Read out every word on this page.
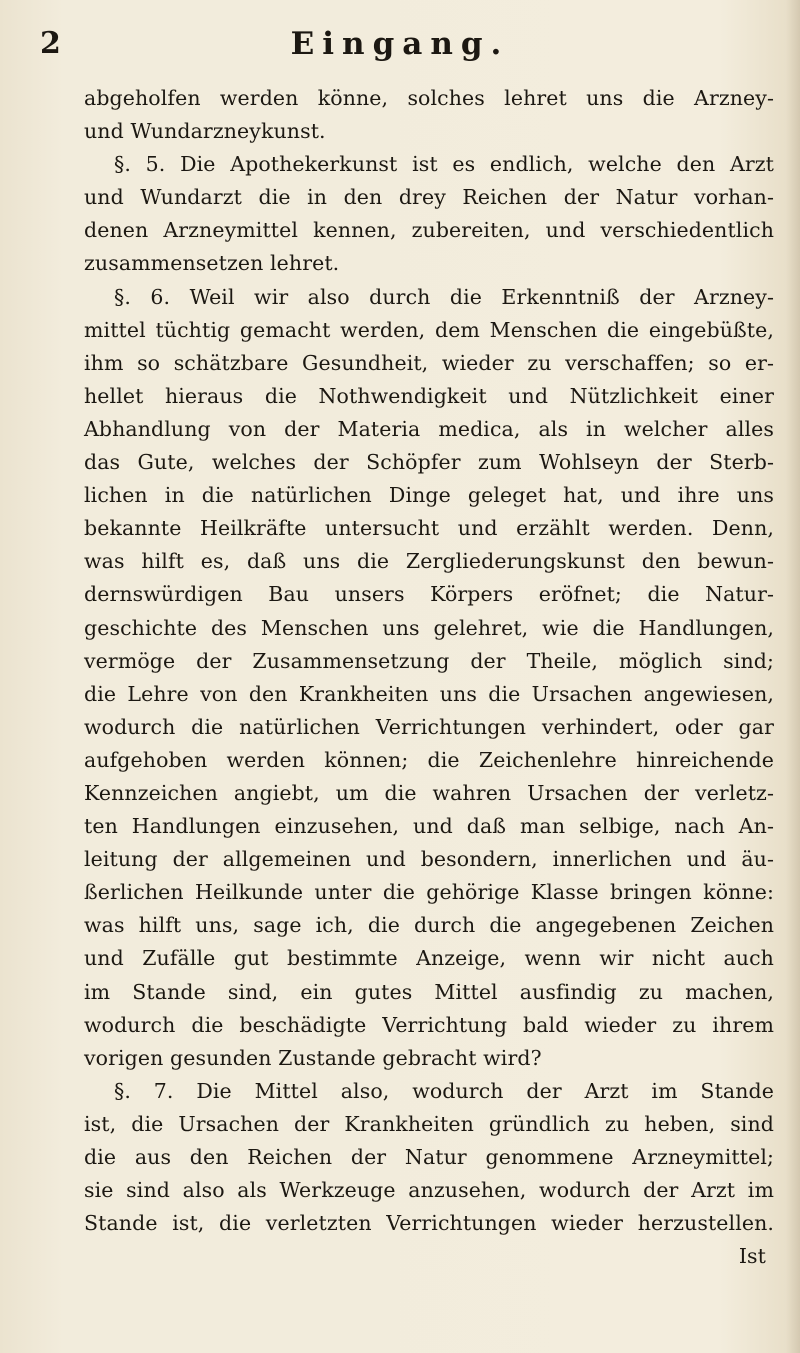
2	Eingang.
abgeholfen werden könne, solches lehret uns die Arzney-
und Wundarzneykunst.
§. 5. Die Apothekerkunst ist es endlich, welche den Arzt
und Wundarzt die in den drey Reichen der Natur vorhan-
denen Arzneymittel kennen, zubereiten, und verschiedentlich
zusammensetzen lehret.
§. 6. Weil wir also durch die Erkenntniß der Arzney-
mittel tüchtig gemacht werden, dem Menschen die eingebüßte,
ihm so schätzbare Gesundheit, wieder zu verschaffen; so er-
hellet hieraus die Nothwendigkeit und Nützlichkeit einer
Abhandlung von der Materia medica, als in welcher alles
das Gute, welches der Schöpfer zum Wohlseyn der Sterb-
lichen in die natürlichen Dinge geleget hat, und ihre uns
bekannte Heilkräfte untersucht und erzählt werden. Denn,
was hilft es, daß uns die Zergliederungskunst den bewun-
dernswürdigen Bau unsers Körpers eröfnet; die Natur-
geschichte des Menschen uns gelehret, wie die Handlungen,
vermöge der Zusammensetzung der Theile, möglich sind;
die Lehre von den Krankheiten uns die Ursachen angewiesen,
wodurch die natürlichen Verrichtungen verhindert, oder gar
aufgehoben werden können; die Zeichenlehre hinreichende
Kennzeichen angiebt, um die wahren Ursachen der verletz-
ten Handlungen einzusehen, und daß man selbige, nach An-
leitung der allgemeinen und besondern, innerlichen und äu-
ßerlichen Heilkunde unter die gehörige Klasse bringen könne:
was hilft uns, sage ich, die durch die angegebenen Zeichen
und Zufälle gut bestimmte Anzeige, wenn wir nicht auch
im Stande sind, ein gutes Mittel ausfindig zu machen,
wodurch die beschädigte Verrichtung bald wieder zu ihrem
vorigen gesunden Zustande gebracht wird?
§. 7. Die Mittel also, wodurch der Arzt im Stande
ist, die Ursachen der Krankheiten gründlich zu heben, sind
die aus den Reichen der Natur genommene Arzneymittel;
sie sind also als Werkzeuge anzusehen, wodurch der Arzt im
Stande ist, die verletzten Verrichtungen wieder herzustellen.
Ist
